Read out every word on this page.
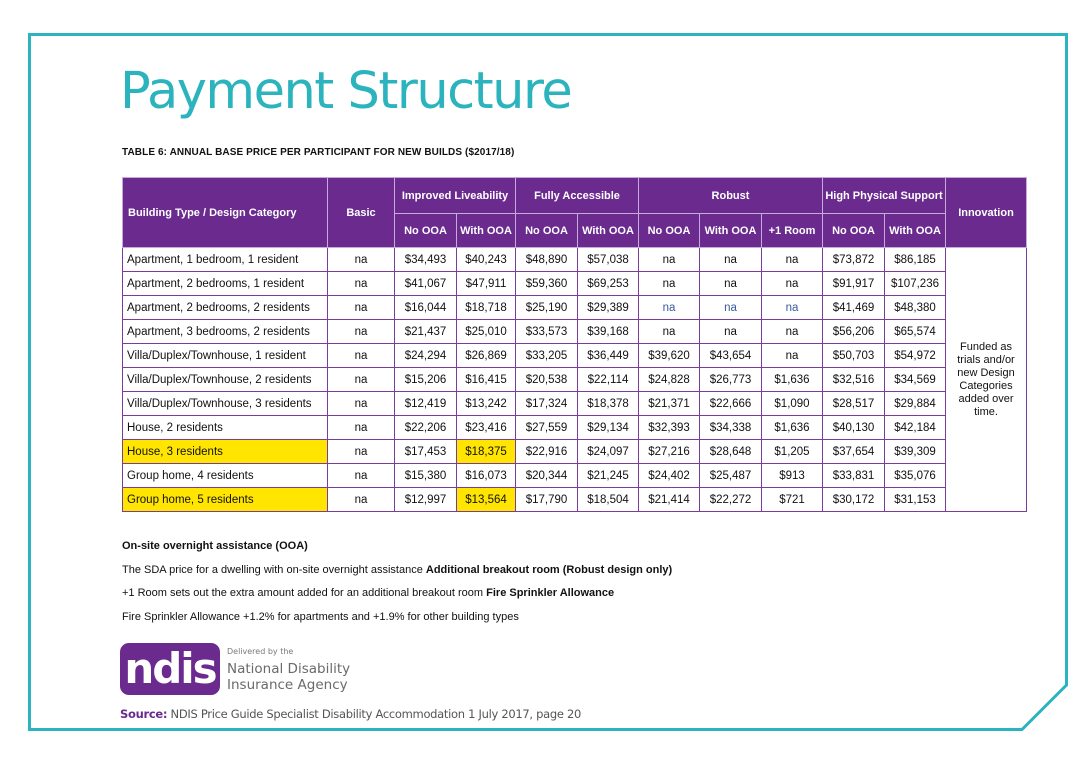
Payment Structure
TABLE 6: ANNUAL BASE PRICE PER PARTICIPANT FOR NEW BUILDS ($2017/18)
Building Type / Design Category	Basic	Improved Liveability		Fully Accessible		Robust			High Physical Support		Innovation
		No OOA	With OOA	No OOA	With OOA	No OOA	With OOA	+1 Room	No OOA	With OOA	
Apartment, 1 bedroom, 1 resident	na	$34,493	$40,243	$48,890	$57,038	na	na	na	$73,872	$86,185	Funded as trials and/or new Design Categories added over time.
Apartment, 2 bedrooms, 1 resident	na	$41,067	$47,911	$59,360	$69,253	na	na	na	$91,917	$107,236	
Apartment, 2 bedrooms, 2 residents	na	$16,044	$18,718	$25,190	$29,389	na	na	na	$41,469	$48,380	
Apartment, 3 bedrooms, 2 residents	na	$21,437	$25,010	$33,573	$39,168	na	na	na	$56,206	$65,574	
Villa/Duplex/Townhouse, 1 resident	na	$24,294	$26,869	$33,205	$36,449	$39,620	$43,654	na	$50,703	$54,972	
Villa/Duplex/Townhouse, 2 residents	na	$15,206	$16,415	$20,538	$22,114	$24,828	$26,773	$1,636	$32,516	$34,569	
Villa/Duplex/Townhouse, 3 residents	na	$12,419	$13,242	$17,324	$18,378	$21,371	$22,666	$1,090	$28,517	$29,884	
House, 2 residents	na	$22,206	$23,416	$27,559	$29,134	$32,393	$34,338	$1,636	$40,130	$42,184	
House, 3 residents	na	$17,453	$18,375	$22,916	$24,097	$27,216	$28,648	$1,205	$37,654	$39,309	
Group home, 4 residents	na	$15,380	$16,073	$20,344	$21,245	$24,402	$25,487	$913	$33,831	$35,076	
Group home, 5 residents	na	$12,997	$13,564	$17,790	$18,504	$21,414	$22,272	$721	$30,172	$31,153	

On-site overnight assistance (OOA)

The SDA price for a dwelling with on-site overnight assistance Additional breakout room (Robust design only)

+1 Room sets out the extra amount added for an additional breakout room Fire Sprinkler Allowance

Fire Sprinkler Allowance +1.2% for apartments and +1.9% for other building types

ndis	Delivered by the
National Disability
Insurance Agency
Source: NDIS Price Guide Specialist Disability Accommodation 1 July 2017, page 20
